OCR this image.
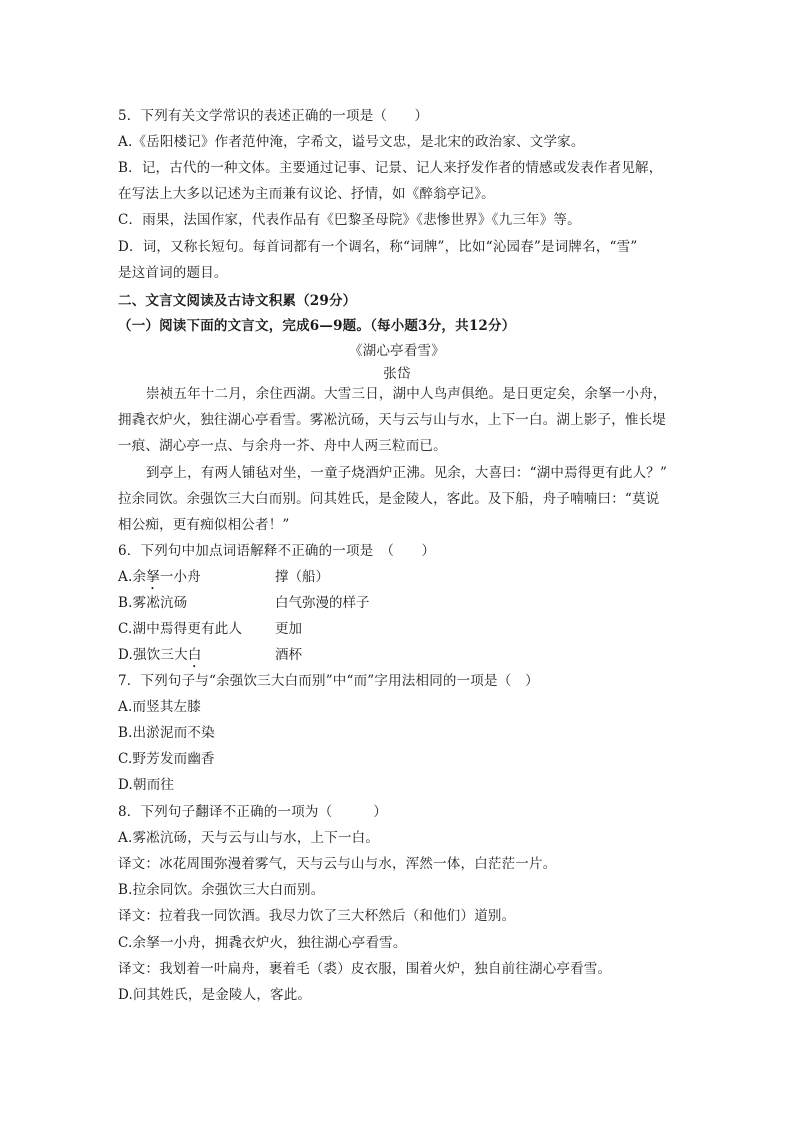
5．下列有关文学常识的表述正确的一项是（　　）
A.《岳阳楼记》作者范仲淹，字希文，谥号文忠，是北宋的政治家、文学家。
B．记，古代的一种文体。主要通过记事、记景、记人来抒发作者的情感或发表作者见解，
在写法上大多以记述为主而兼有议论、抒情，如《醉翁亭记》。
C．雨果，法国作家，代表作品有《巴黎圣母院》《悲惨世界》《九三年》等。
D．词，又称长短句。每首词都有一个调名，称“词牌”，比如“沁园春”是词牌名，“雪”
是这首词的题目。
二、文言文阅读及古诗文积累（29分）
（一）阅读下面的文言文，完成6—9题。（每小题3分，共12分）
《湖心亭看雪》
张岱
崇祯五年十二月，余住西湖。大雪三日，湖中人鸟声俱绝。是日更定矣，余拏一小舟，
拥毳衣炉火，独往湖心亭看雪。雾凇沆砀，天与云与山与水，上下一白。湖上影子，惟长堤
一痕、湖心亭一点、与余舟一芥、舟中人两三粒而已。
到亭上，有两人铺毡对坐，一童子烧酒炉正沸。见余，大喜曰：“湖中焉得更有此人？”
拉余同饮。余强饮三大白而别。问其姓氏，是金陵人，客此。及下船，舟子喃喃曰：“莫说
相公痴，更有痴似相公者！”
6．下列句中加点词语解释不正确的一项是　（　　）
A.余拏一小舟	撑（船）
B.雾凇沆砀	白气弥漫的样子
C.湖中焉得更有此人 更加
D.强饮三大白	酒杯
7．下列句子与“余强饮三大白而别”中“而”字用法相同的一项是（　）
A.而竖其左膝
B.出淤泥而不染
C.野芳发而幽香
D.朝而往
8．下列句子翻译不正确的一项为（　　　）
A.雾凇沆砀，天与云与山与水，上下一白。
译文：冰花周围弥漫着雾气，天与云与山与水，浑然一体，白茫茫一片。
B.拉余同饮。余强饮三大白而别。
译文：拉着我一同饮酒。我尽力饮了三大杯然后（和他们）道别。
C.余拏一小舟，拥毳衣炉火，独往湖心亭看雪。
译文：我划着一叶扁舟，裹着毛（裘）皮衣服，围着火炉，独自前往湖心亭看雪。
D.问其姓氏，是金陵人，客此。
